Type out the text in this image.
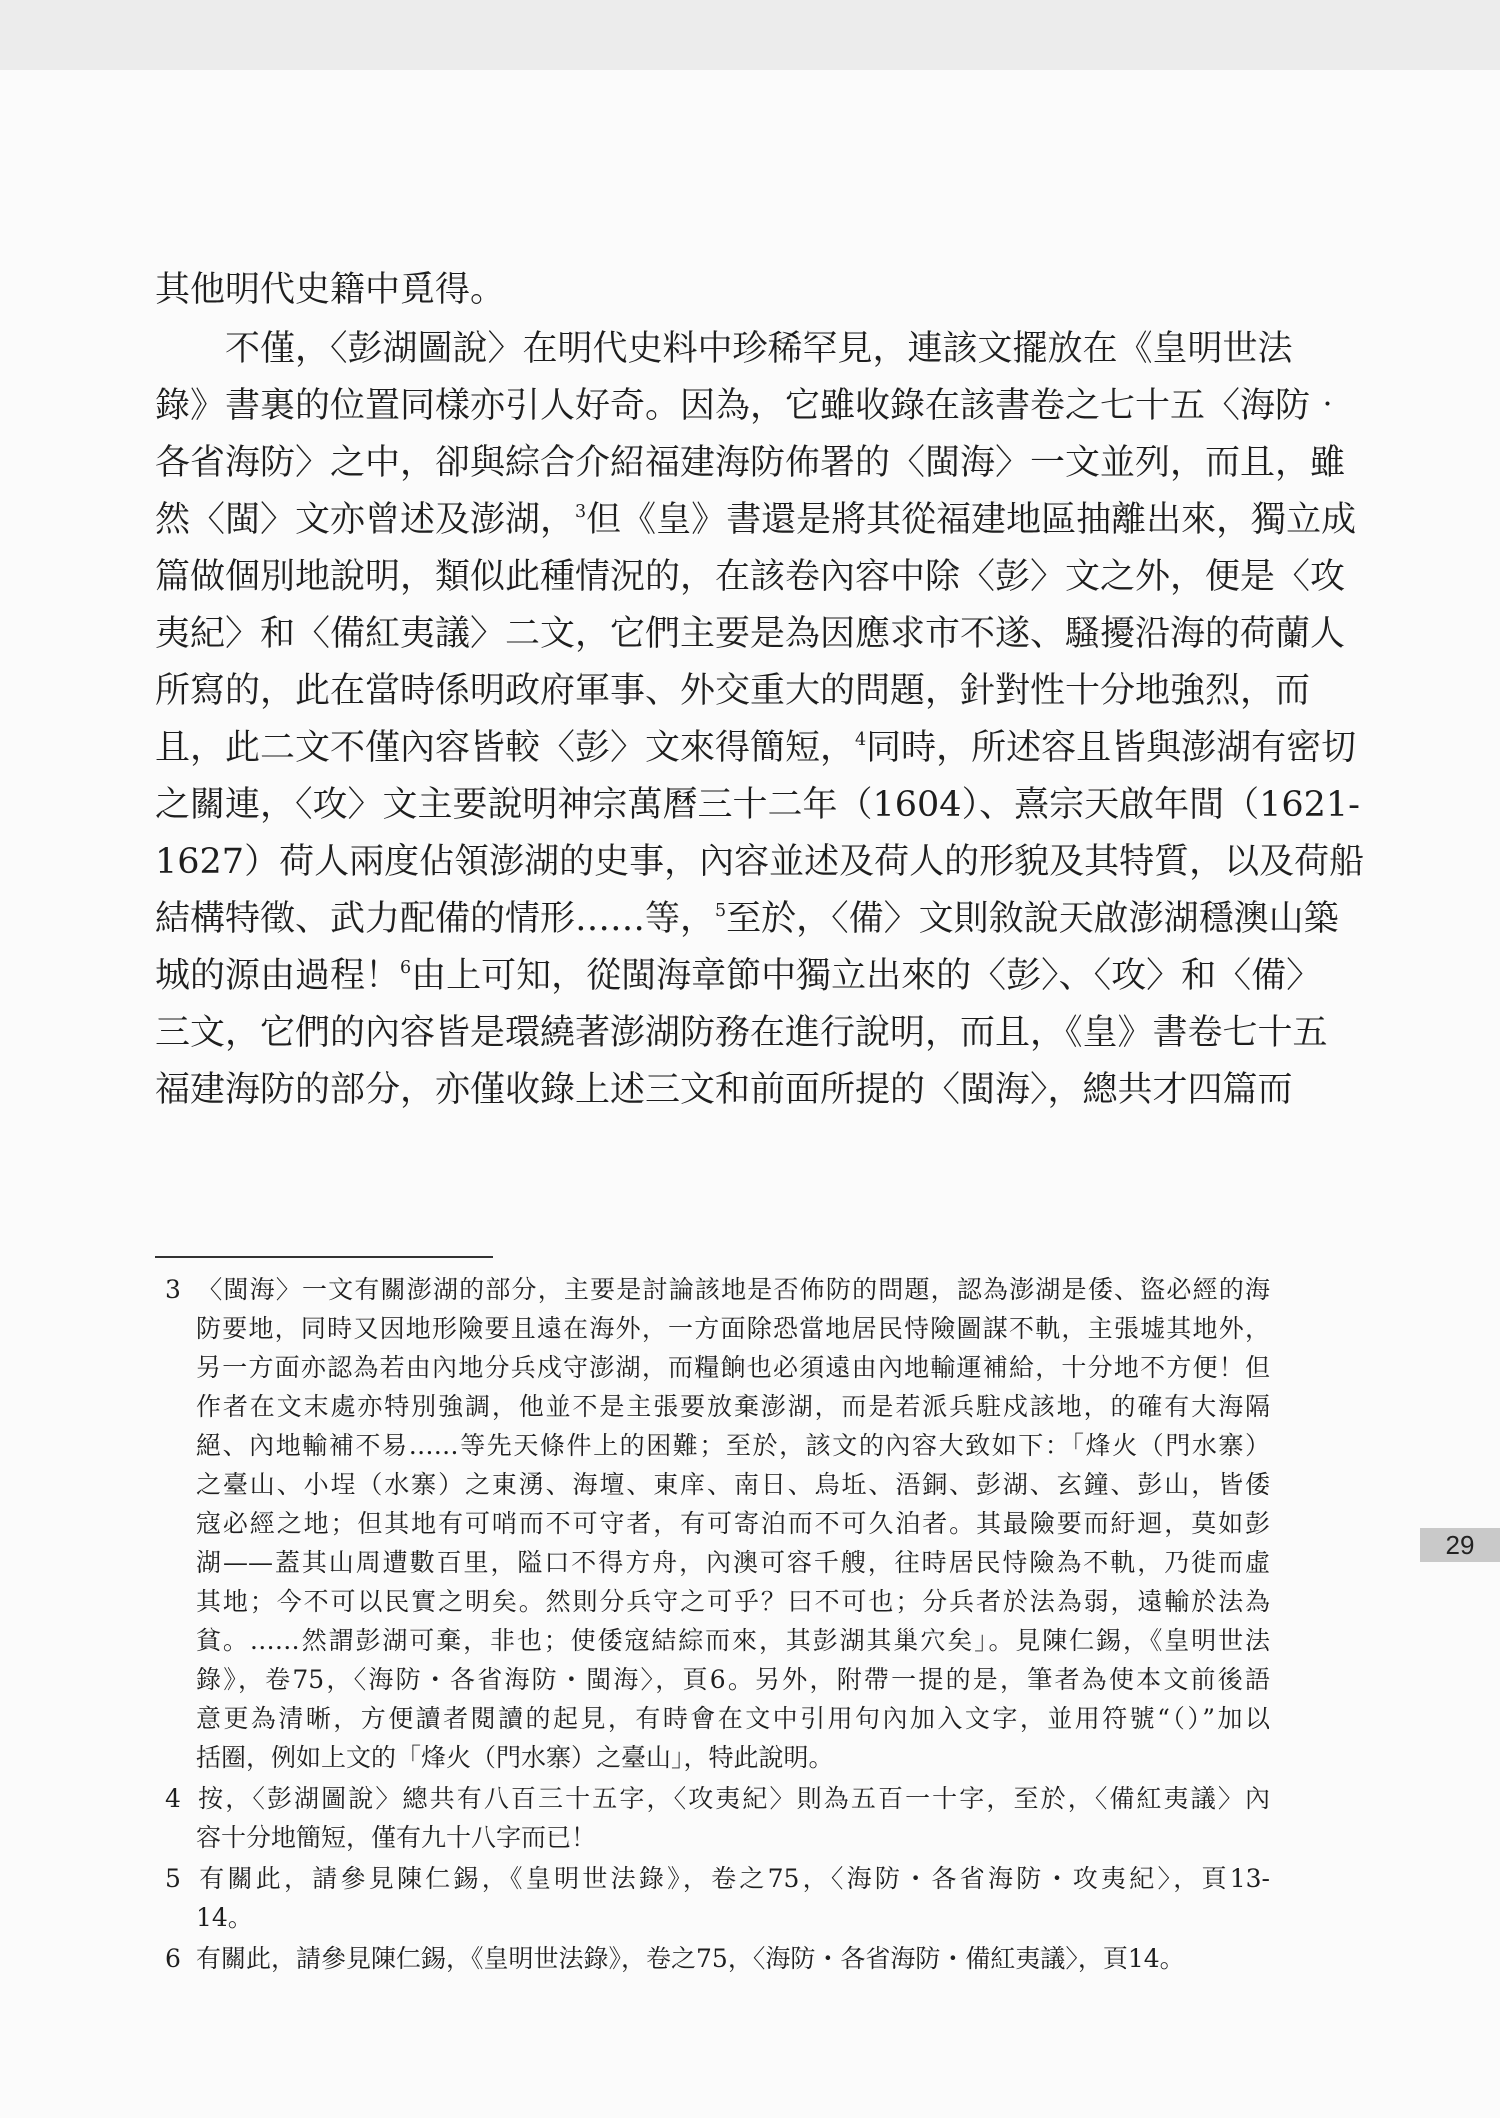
其他明代史籍中覓得。
不僅，〈彭湖圖說〉在明代史料中珍稀罕見，連該文擺放在《皇明世法
錄》書裏的位置同樣亦引人好奇。因為，它雖收錄在該書卷之七十五〈海防‧
各省海防〉之中，卻與綜合介紹福建海防佈署的〈閩海〉一文並列，而且，雖
然〈閩〉文亦曾述及澎湖，$^3$但《皇》書還是將其從福建地區抽離出來，獨立成
篇做個別地說明，類似此種情況的，在該卷內容中除〈彭〉文之外，便是〈攻
夷紀〉和〈備紅夷議〉二文，它們主要是為因應求市不遂、騷擾沿海的荷蘭人
所寫的，此在當時係明政府軍事、外交重大的問題，針對性十分地強烈，而
且，此二文不僅內容皆較〈彭〉文來得簡短，$^4$同時，所述容且皆與澎湖有密切
之關連，〈攻〉文主要說明神宗萬曆三十二年（1604）、熹宗天啟年間（1621-
1627）荷人兩度佔領澎湖的史事，內容並述及荷人的形貌及其特質，以及荷船
結構特徵、武力配備的情形……等，$^5$至於，〈備〉文則敘說天啟澎湖穩澳山築
城的源由過程！$^6$由上可知，從閩海章節中獨立出來的〈彭〉、〈攻〉和〈備〉
三文，它們的內容皆是環繞著澎湖防務在進行說明，而且，《皇》書卷七十五
福建海防的部分，亦僅收錄上述三文和前面所提的〈閩海〉，總共才四篇而
3 〈閩海〉一文有關澎湖的部分，主要是討論該地是否佈防的問題，認為澎湖是倭、盜必經的海
防要地，同時又因地形險要且遠在海外，一方面除恐當地居民恃險圖謀不軌，主張墟其地外，
另一方面亦認為若由內地分兵戍守澎湖，而糧餉也必須遠由內地輸運補給，十分地不方便！但
作者在文末處亦特別強調，他並不是主張要放棄澎湖，而是若派兵駐戍該地，的確有大海隔
絕、內地輸補不易……等先天條件上的困難；至於，該文的內容大致如下：「烽火（門水寨）
之臺山、小埕（水寨）之東湧、海壇、東庠、南日、烏坵、浯銅、彭湖、玄鐘、彭山，皆倭
寇必經之地；但其地有可哨而不可守者，有可寄泊而不可久泊者。其最險要而紆迴，莫如彭
湖——蓋其山周遭數百里，隘口不得方舟，內澳可容千艘，往時居民恃險為不軌，乃徙而虛
其地；今不可以民實之明矣。然則分兵守之可乎？曰不可也；分兵者於法為弱，遠輸於法為
貧。……然謂彭湖可棄，非也；使倭寇結綜而來，其彭湖其巢穴矣」。見陳仁錫，《皇明世法
錄》，卷75，〈海防・各省海防・閩海〉，頁6。另外，附帶一提的是，筆者為使本文前後語
意更為清晰，方便讀者閱讀的起見，有時會在文中引用句內加入文字，並用符號“（）”加以
括圈，例如上文的「烽火（門水寨）之臺山」，特此說明。
4 按，〈彭湖圖說〉總共有八百三十五字，〈攻夷紀〉則為五百一十字，至於，〈備紅夷議〉內
容十分地簡短，僅有九十八字而已！
5 有關此，請參見陳仁錫，《皇明世法錄》，卷之75，〈海防・各省海防・攻夷紀〉，頁13-
14。
6 有關此，請參見陳仁錫，《皇明世法錄》，卷之75，〈海防・各省海防・備紅夷議〉，頁14。
29
